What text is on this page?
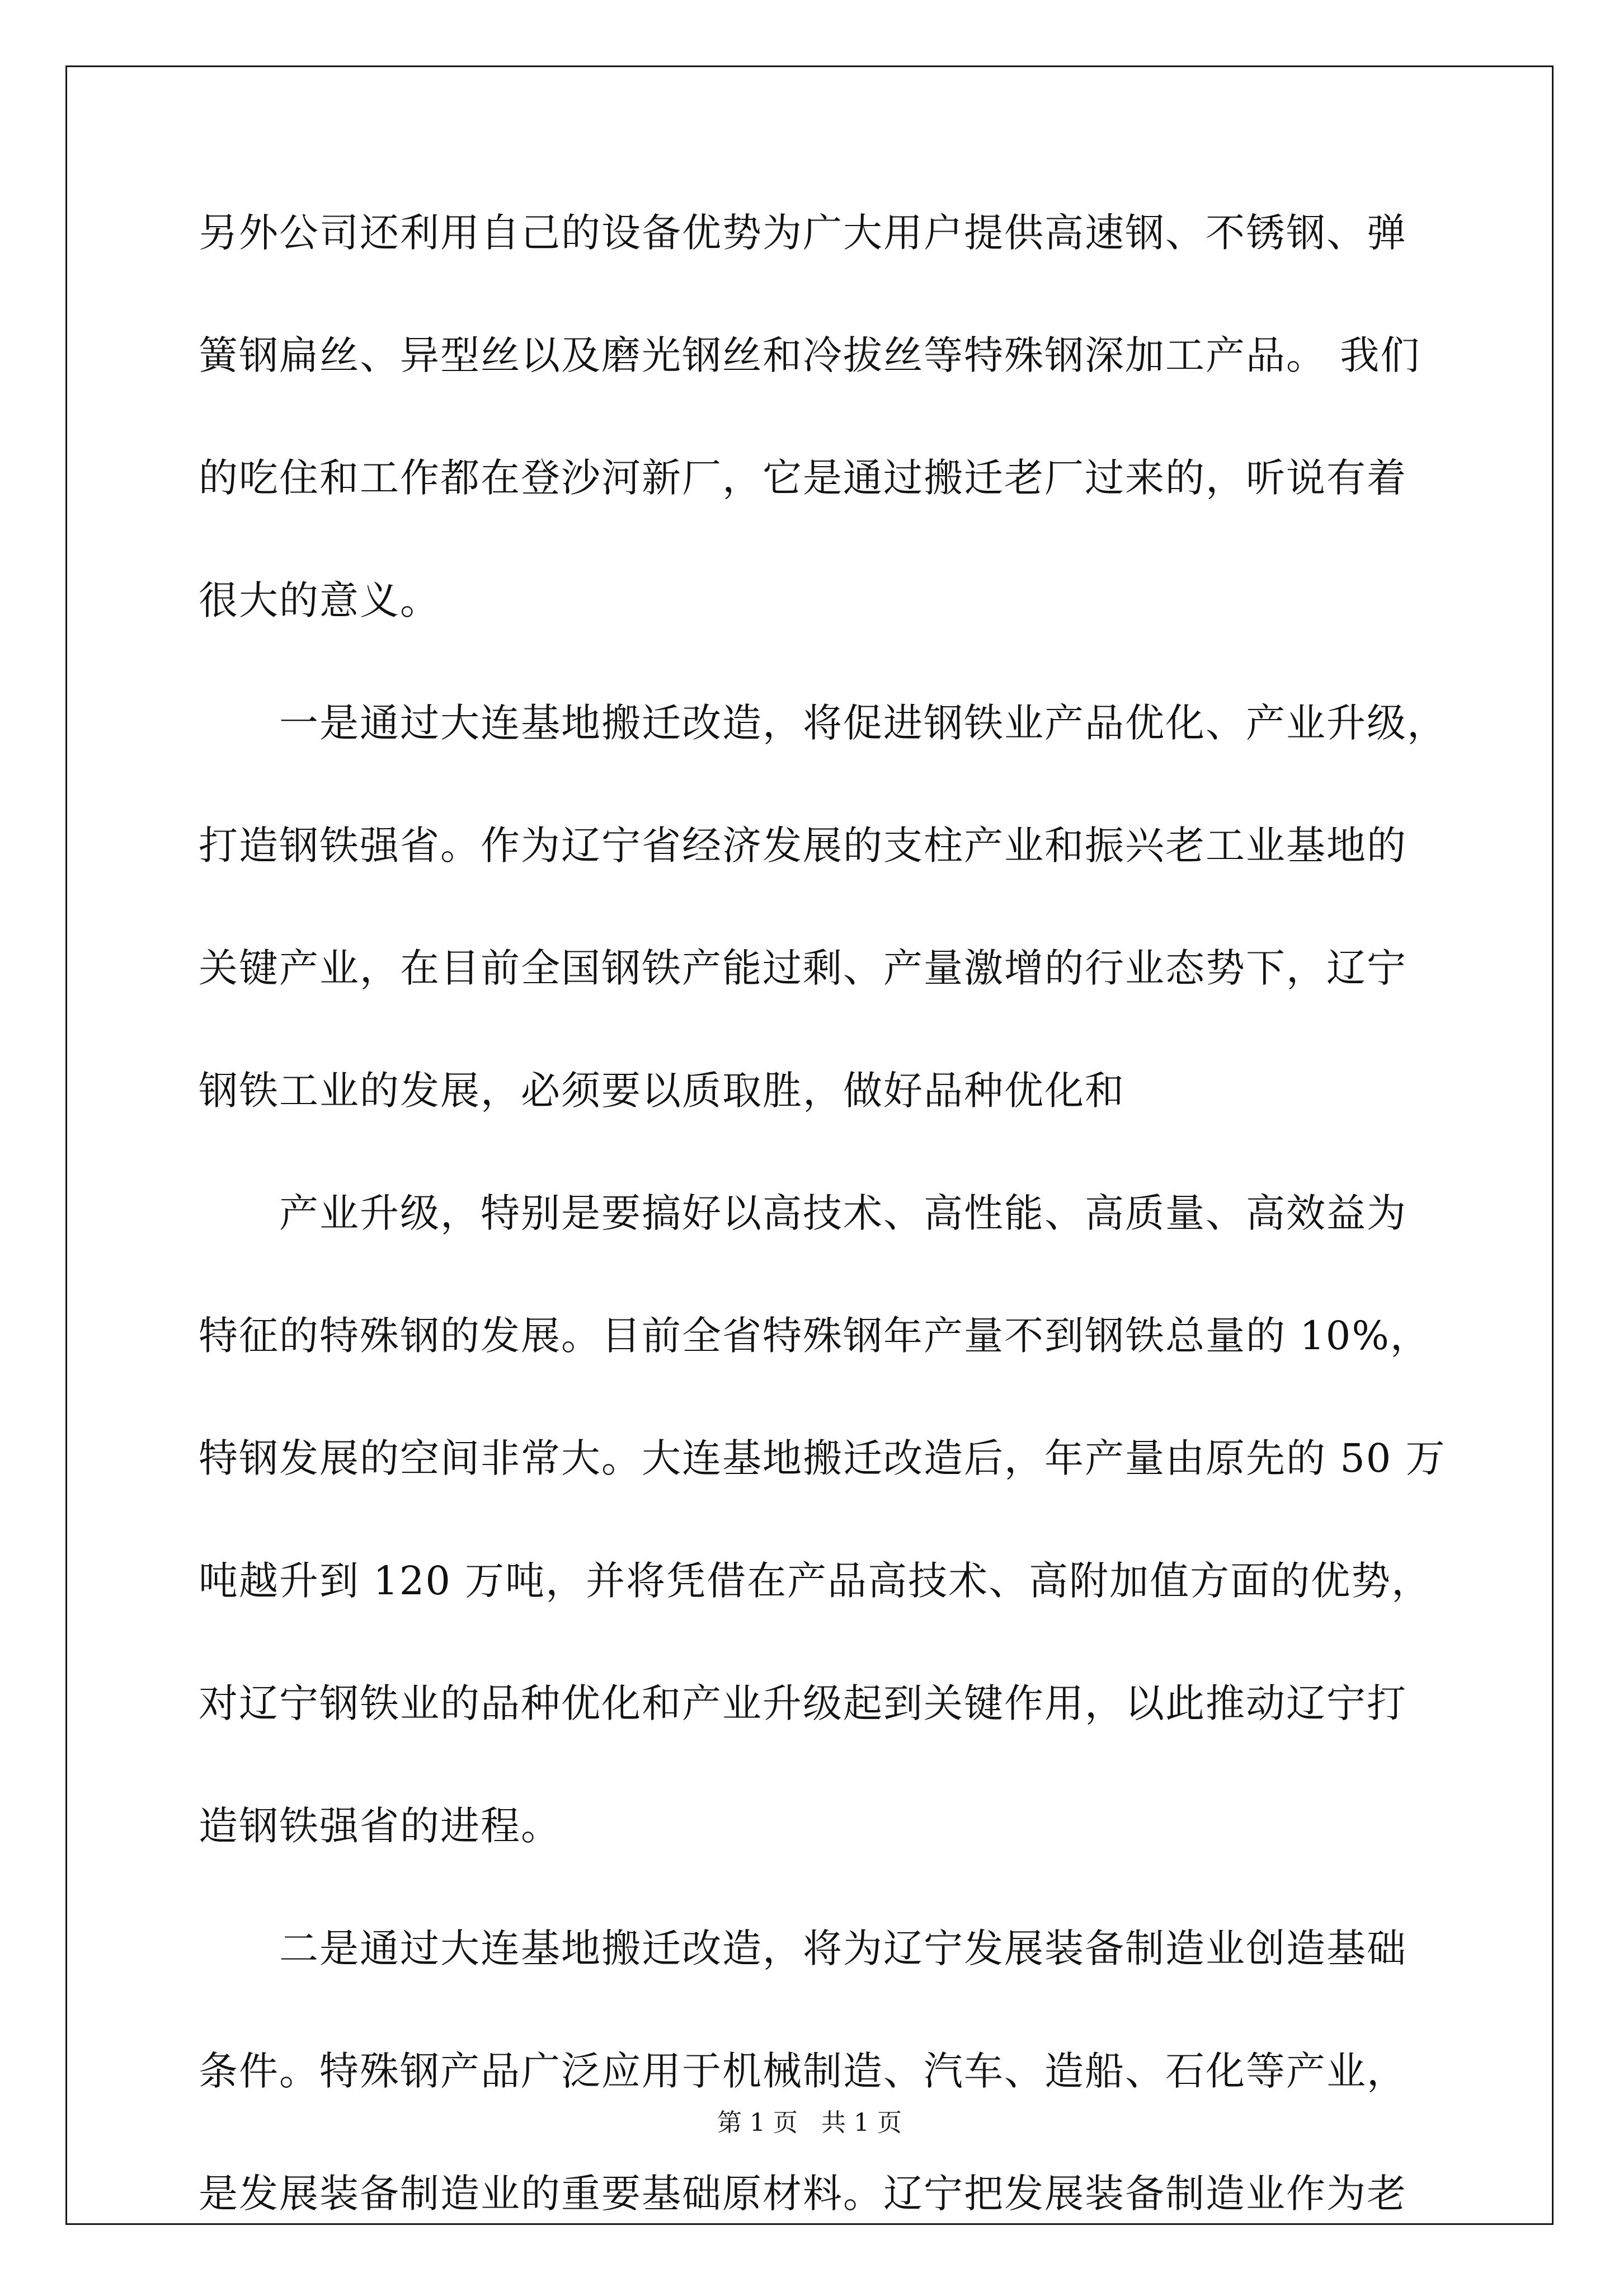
另外公司还利用自己的设备优势为广大用户提供高速钢、不锈钢、弹
簧钢扁丝、异型丝以及磨光钢丝和冷拔丝等特殊钢深加工产品。 我们
的吃住和工作都在登沙河新厂，它是通过搬迁老厂过来的，听说有着
很大的意义。
一是通过大连基地搬迁改造，将促进钢铁业产品优化、产业升级，
打造钢铁强省。作为辽宁省经济发展的支柱产业和振兴老工业基地的
关键产业，在目前全国钢铁产能过剩、产量激增的行业态势下，辽宁
钢铁工业的发展，必须要以质取胜，做好品种优化和
产业升级，特别是要搞好以高技术、高性能、高质量、高效益为
特征的特殊钢的发展。目前全省特殊钢年产量不到钢铁总量的 10%，
特钢发展的空间非常大。大连基地搬迁改造后，年产量由原先的 50 万
吨越升到 120 万吨，并将凭借在产品高技术、高附加值方面的优势，
对辽宁钢铁业的品种优化和产业升级起到关键作用，以此推动辽宁打
造钢铁强省的进程。
二是通过大连基地搬迁改造，将为辽宁发展装备制造业创造基础
条件。特殊钢产品广泛应用于机械制造、汽车、造船、石化等产业，
是发展装备制造业的重要基础原材料。辽宁把发展装备制造业作为老
第 1 页   共 1 页
